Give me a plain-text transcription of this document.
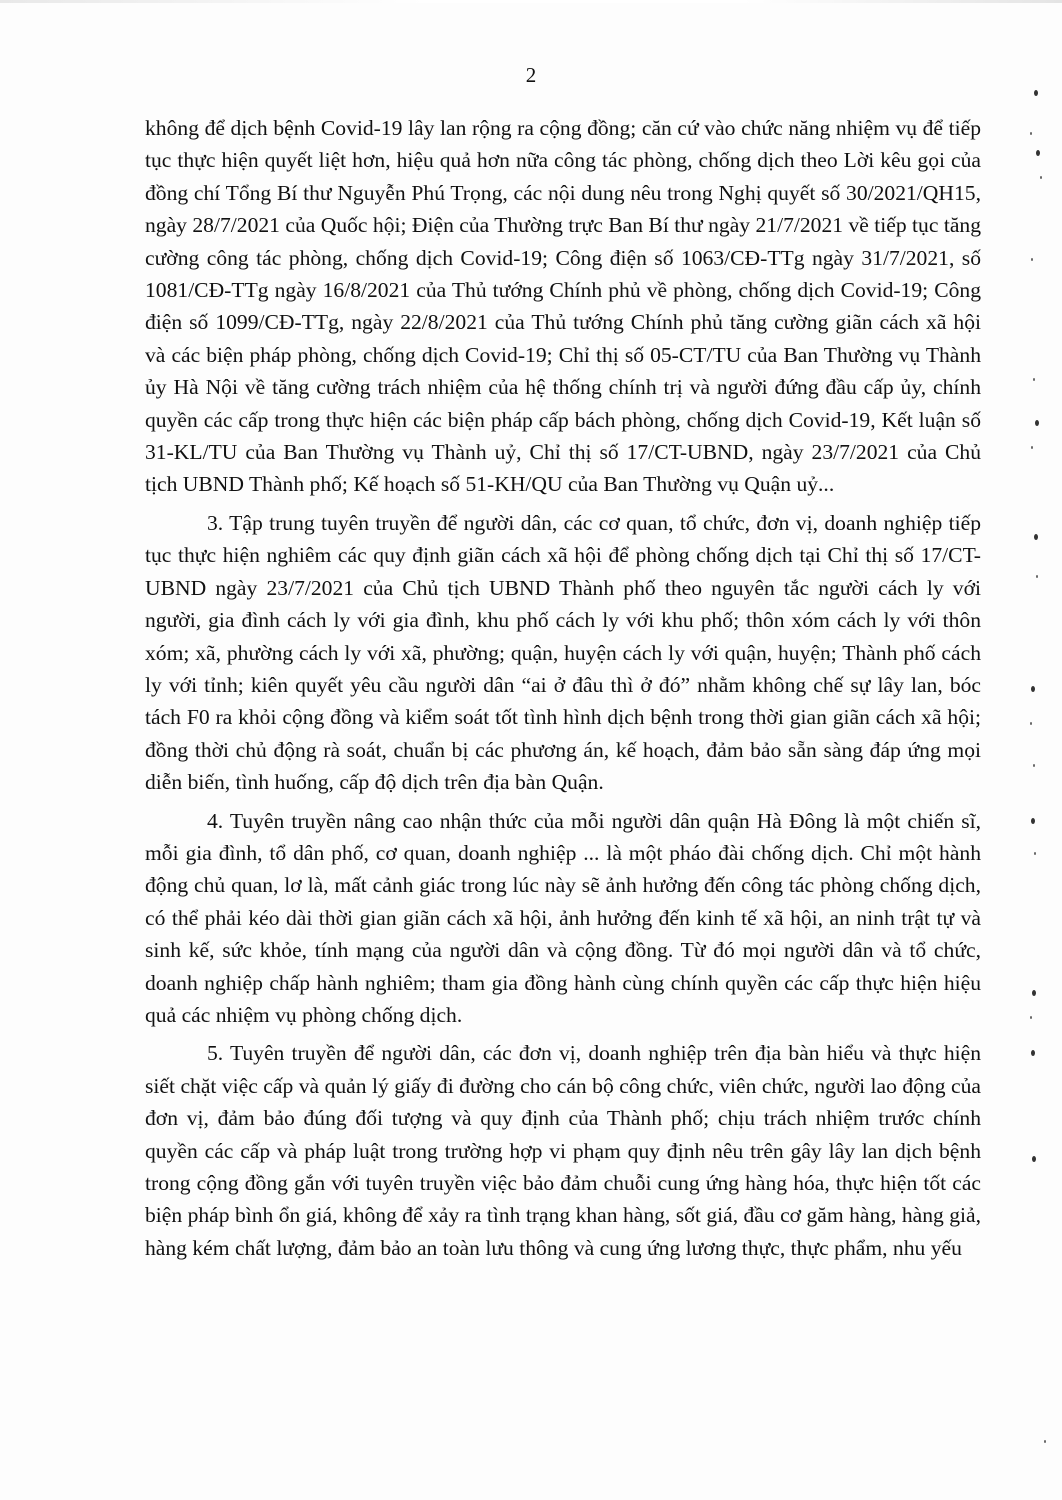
2

không để dịch bệnh Covid-19 lây lan rộng ra cộng đồng; căn cứ vào chức năng nhiệm vụ để tiếp tục thực hiện quyết liệt hơn, hiệu quả hơn nữa công tác phòng, chống dịch theo Lời kêu gọi của đồng chí Tổng Bí thư Nguyễn Phú Trọng, các nội dung nêu trong Nghị quyết số 30/2021/QH15, ngày 28/7/2021 của Quốc hội; Điện của Thường trực Ban Bí thư ngày 21/7/2021 về tiếp tục tăng cường công tác phòng, chống dịch Covid-19; Công điện số 1063/CĐ-TTg ngày 31/7/2021, số 1081/CĐ-TTg ngày 16/8/2021 của Thủ tướng Chính phủ về phòng, chống dịch Covid-19; Công điện số 1099/CĐ-TTg, ngày 22/8/2021 của Thủ tướng Chính phủ tăng cường giãn cách xã hội và các biện pháp phòng, chống dịch Covid-19; Chỉ thị số 05-CT/TU của Ban Thường vụ Thành ủy Hà Nội về tăng cường trách nhiệm của hệ thống chính trị và người đứng đầu cấp ủy, chính quyền các cấp trong thực hiện các biện pháp cấp bách phòng, chống dịch Covid-19, Kết luận số 31-KL/TU của Ban Thường vụ Thành uỷ, Chỉ thị số 17/CT-UBND, ngày 23/7/2021 của Chủ tịch UBND Thành phố; Kế hoạch số 51-KH/QU của Ban Thường vụ Quận uỷ...

3. Tập trung tuyên truyền để người dân, các cơ quan, tổ chức, đơn vị, doanh nghiệp tiếp tục thực hiện nghiêm các quy định giãn cách xã hội để phòng chống dịch tại Chỉ thị số 17/CT-UBND ngày 23/7/2021 của Chủ tịch UBND Thành phố theo nguyên tắc người cách ly với người, gia đình cách ly với gia đình, khu phố cách ly với khu phố; thôn xóm cách ly với thôn xóm; xã, phường cách ly với xã, phường; quận, huyện cách ly với quận, huyện; Thành phố cách ly với tỉnh; kiên quyết yêu cầu người dân “ai ở đâu thì ở đó” nhằm không chế sự lây lan, bóc tách F0 ra khỏi cộng đồng và kiểm soát tốt tình hình dịch bệnh trong thời gian giãn cách xã hội; đồng thời chủ động rà soát, chuẩn bị các phương án, kế hoạch, đảm bảo sẵn sàng đáp ứng mọi diễn biến, tình huống, cấp độ dịch trên địa bàn Quận.

4. Tuyên truyền nâng cao nhận thức của mỗi người dân quận Hà Đông là một chiến sĩ, mỗi gia đình, tổ dân phố, cơ quan, doanh nghiệp ... là một pháo đài chống dịch. Chỉ một hành động chủ quan, lơ là, mất cảnh giác trong lúc này sẽ ảnh hưởng đến công tác phòng chống dịch, có thể phải kéo dài thời gian giãn cách xã hội, ảnh hưởng đến kinh tế xã hội, an ninh trật tự và sinh kế, sức khỏe, tính mạng của người dân và cộng đồng. Từ đó mọi người dân và tổ chức, doanh nghiệp chấp hành nghiêm; tham gia đồng hành cùng chính quyền các cấp thực hiện hiệu quả các nhiệm vụ phòng chống dịch.

5. Tuyên truyền để người dân, các đơn vị, doanh nghiệp trên địa bàn hiểu và thực hiện siết chặt việc cấp và quản lý giấy đi đường cho cán bộ công chức, viên chức, người lao động của đơn vị, đảm bảo đúng đối tượng và quy định của Thành phố; chịu trách nhiệm trước chính quyền các cấp và pháp luật trong trường hợp vi phạm quy định nêu trên gây lây lan dịch bệnh trong cộng đồng gắn với tuyên truyền việc bảo đảm chuỗi cung ứng hàng hóa, thực hiện tốt các biện pháp bình ổn giá, không để xảy ra tình trạng khan hàng, sốt giá, đầu cơ găm hàng, hàng giả, hàng kém chất lượng, đảm bảo an toàn lưu thông và cung ứng lương thực, thực phẩm, nhu yếu
